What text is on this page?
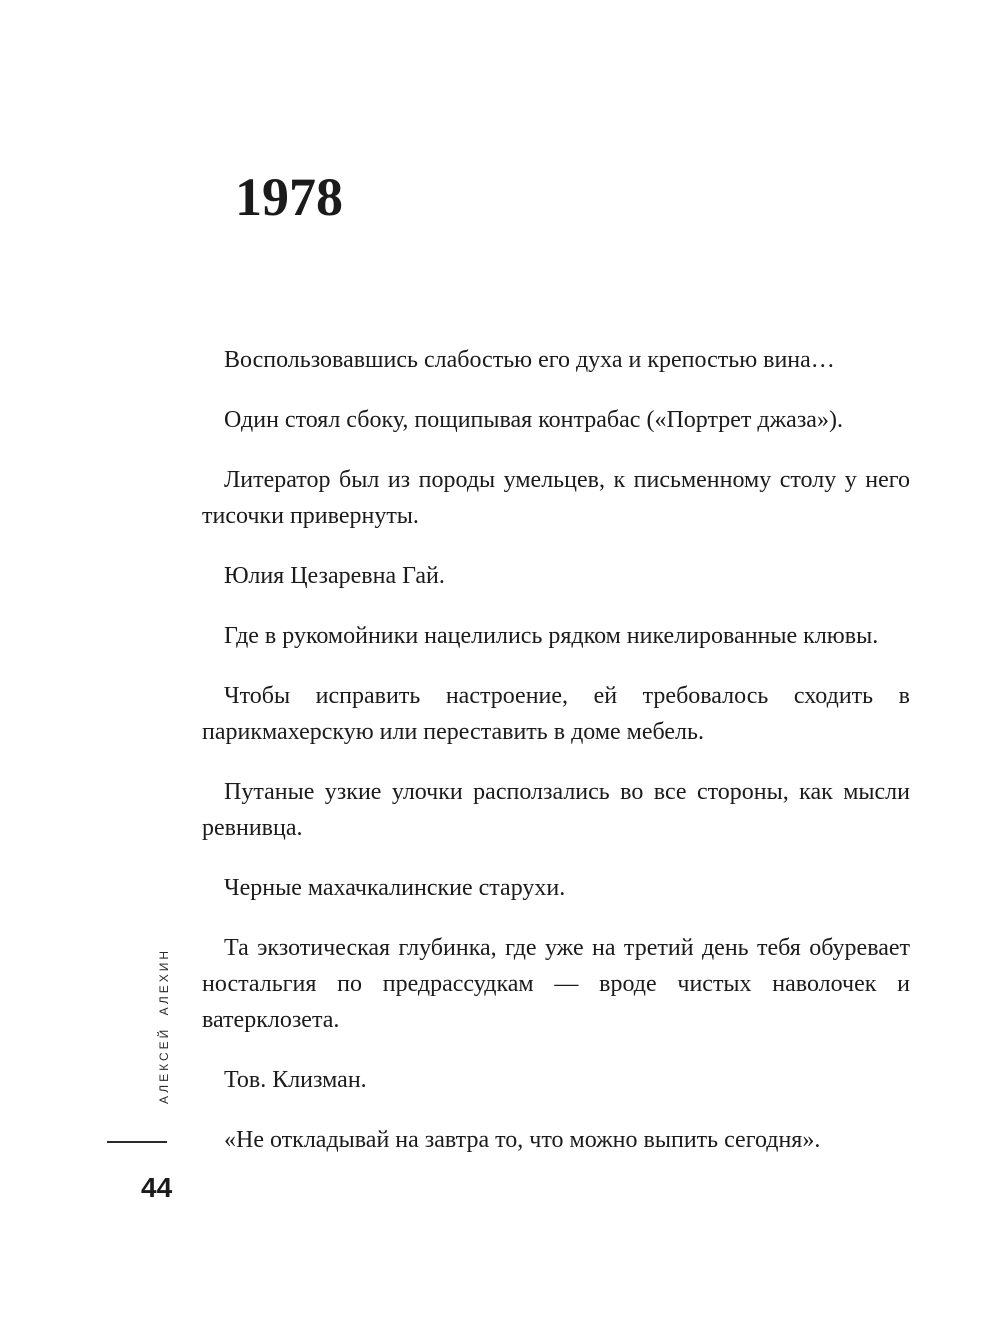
1978

Воспользовавшись слабостью его духа и крепостью вина…

Один стоял сбоку, пощипывая контрабас («Портрет джаза»).

Литератор был из породы умельцев, к письменному столу у него тисочки привернуты.

Юлия Цезаревна Гай.

Где в рукомойники нацелились рядком никелированные клювы.

Чтобы исправить настроение, ей требовалось сходить в парикмахерскую или переставить в доме мебель.

Путаные узкие улочки расползались во все стороны, как мысли ревнивца.

Черные махачкалинские старухи.

Та экзотическая глубинка, где уже на третий день тебя обуревает ностальгия по предрассудкам — вроде чистых наволочек и ватерклозета.

Тов. Клизман.

«Не откладывай на завтра то, что можно выпить сегодня».

АЛЕКСЕЙ АЛЕХИН
44
